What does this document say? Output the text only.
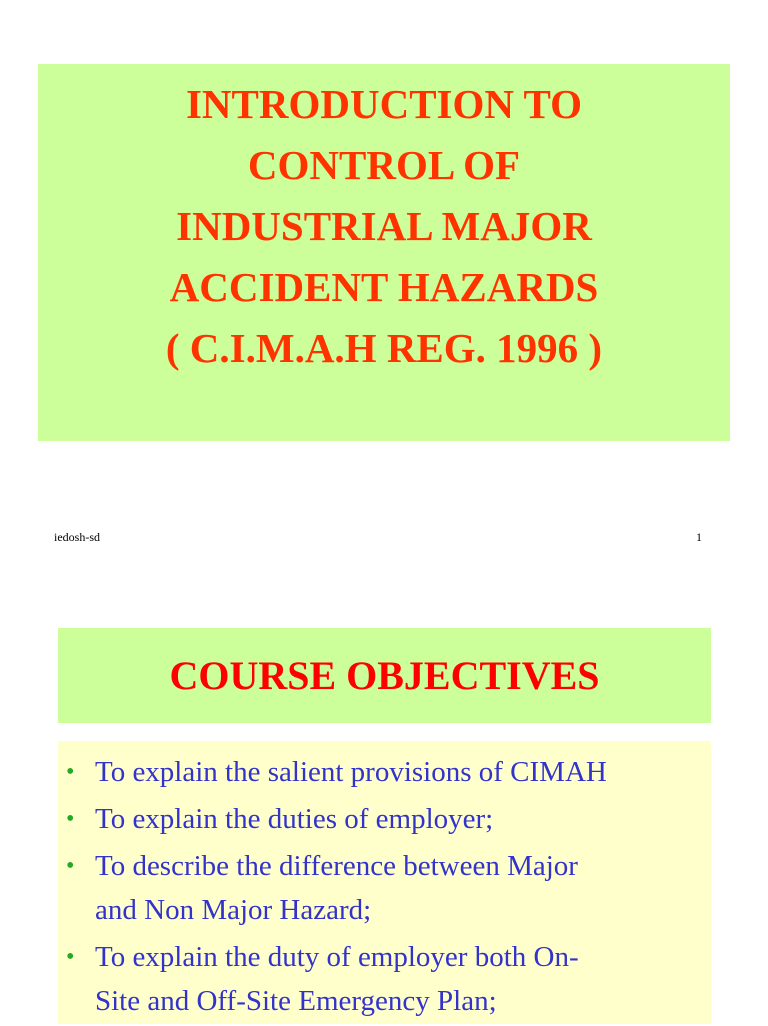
INTRODUCTION TO
CONTROL OF
INDUSTRIAL MAJOR
ACCIDENT HAZARDS
( C.I.M.A.H REG. 1996 )
iedosh-sd	1
COURSE OBJECTIVES
• To explain the salient provisions of CIMAH
• To explain the duties of employer;
• To describe the difference between Major
and Non Major Hazard;
• To explain the duty of employer both On-
Site and Off-Site Emergency Plan;
